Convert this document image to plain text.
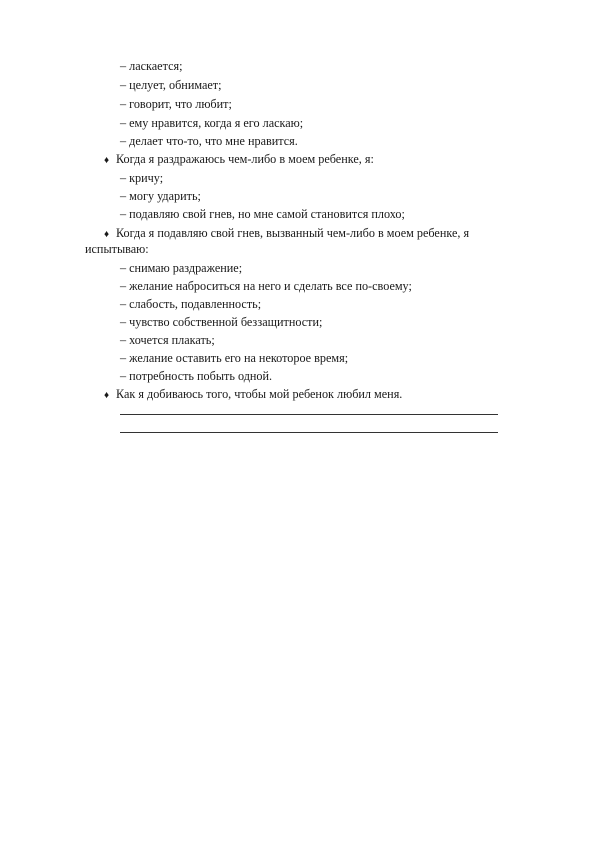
– ласкается;
– целует, обнимает;
– говорит, что любит;
– ему нравится, когда я его ласкаю;
– делает что-то, что мне нравится.
♦ Когда я раздражаюсь чем-либо в моем ребенке, я:
– кричу;
– могу ударить;
– подавляю свой гнев, но мне самой становится плохо;
♦ Когда я подавляю свой гнев, вызванный чем-либо в моем ребенке, я
испытываю:
– снимаю раздражение;
– желание наброситься на него и сделать все по-своему;
– слабость, подавленность;
– чувство собственной беззащитности;
– хочется плакать;
– желание оставить его на некоторое время;
– потребность побыть одной.
♦ Как я добиваюсь того, чтобы мой ребенок любил меня.
